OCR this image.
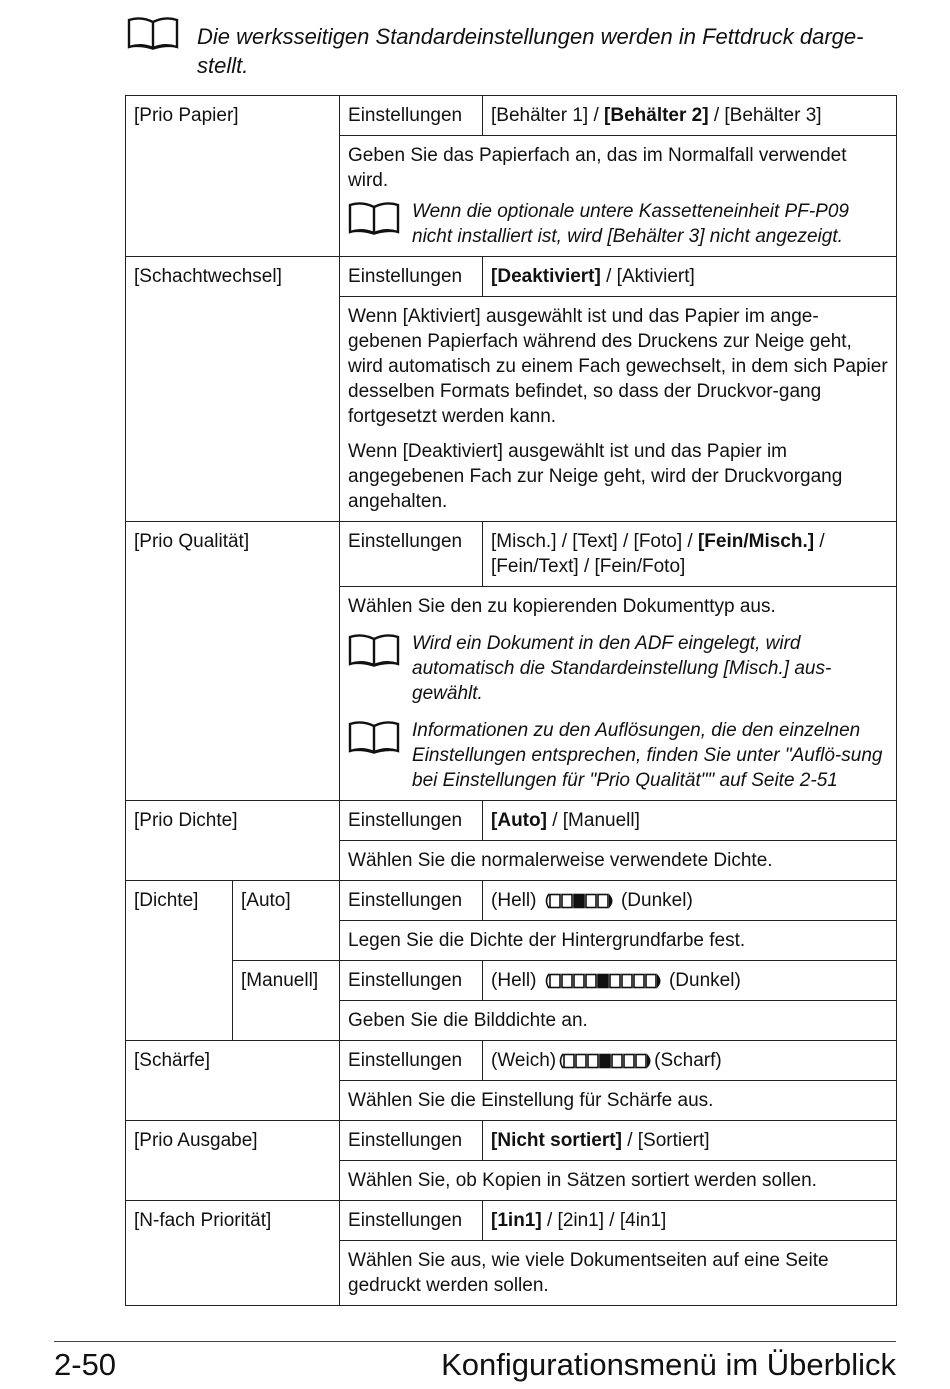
Die werksseitigen Standardeinstellungen werden in Fettdruck darge-
stellt.
[Prio Papier]		Einstellungen	[Behälter 1] / [Behälter 2] / [Behälter 3]

		Geben Sie das Papierfach an, das im Normalfall verwendet wird.
Wenn die optionale untere Kassetteneinheit PF-P09 nicht installiert ist, wird [Behälter 3] nicht angezeigt.	

[Schachtwechsel]		Einstellungen	[Deaktiviert] / [Aktiviert]

		Wenn [Aktiviert] ausgewählt ist und das Papier im ange-gebenen Papierfach während des Druckens zur Neige geht, wird automatisch zu einem Fach gewechselt, in dem sich Papier desselben Formats befindet, so dass der Druckvor-gang fortgesetzt werden kann.

Wenn [Deaktiviert] ausgewählt ist und das Papier im angegebenen Fach zur Neige geht, wird der Druckvorgang angehalten.	

[Prio Qualität]		Einstellungen	[Misch.] / [Text] / [Foto] / [Fein/Misch.] / [Fein/Text] / [Fein/Foto]

		Wählen Sie den zu kopierenden Dokumenttyp aus.
Wird ein Dokument in den ADF eingelegt, wird automatisch die Standardeinstellung [Misch.] aus-gewählt.
Informationen zu den Auflösungen, die den einzelnen Einstellungen entsprechen, finden Sie unter "Auflö-sung bei Einstellungen für "Prio Qualität"" auf Seite 2-51	

[Prio Dichte]		Einstellungen	[Auto] / [Manuell]
		Wählen Sie die normalerweise verwendete Dichte.	
[Dichte]	[Auto]	Einstellungen	(Hell) (Dunkel)
		Legen Sie die Dichte der Hintergrundfarbe fest.	
	[Manuell]	Einstellungen	(Hell) (Dunkel)
		Geben Sie die Bilddichte an.	
[Schärfe]		Einstellungen	(Weich) (Scharf)
		Wählen Sie die Einstellung für Schärfe aus.	
[Prio Ausgabe]		Einstellungen	[Nicht sortiert] / [Sortiert]
		Wählen Sie, ob Kopien in Sätzen sortiert werden sollen.	
[N-fach Priorität]		Einstellungen	[1in1] / [2in1] / [4in1]
		Wählen Sie aus, wie viele Dokumentseiten auf eine Seite gedruckt werden sollen.	
2-50	Konfigurationsmenü im Überblick
